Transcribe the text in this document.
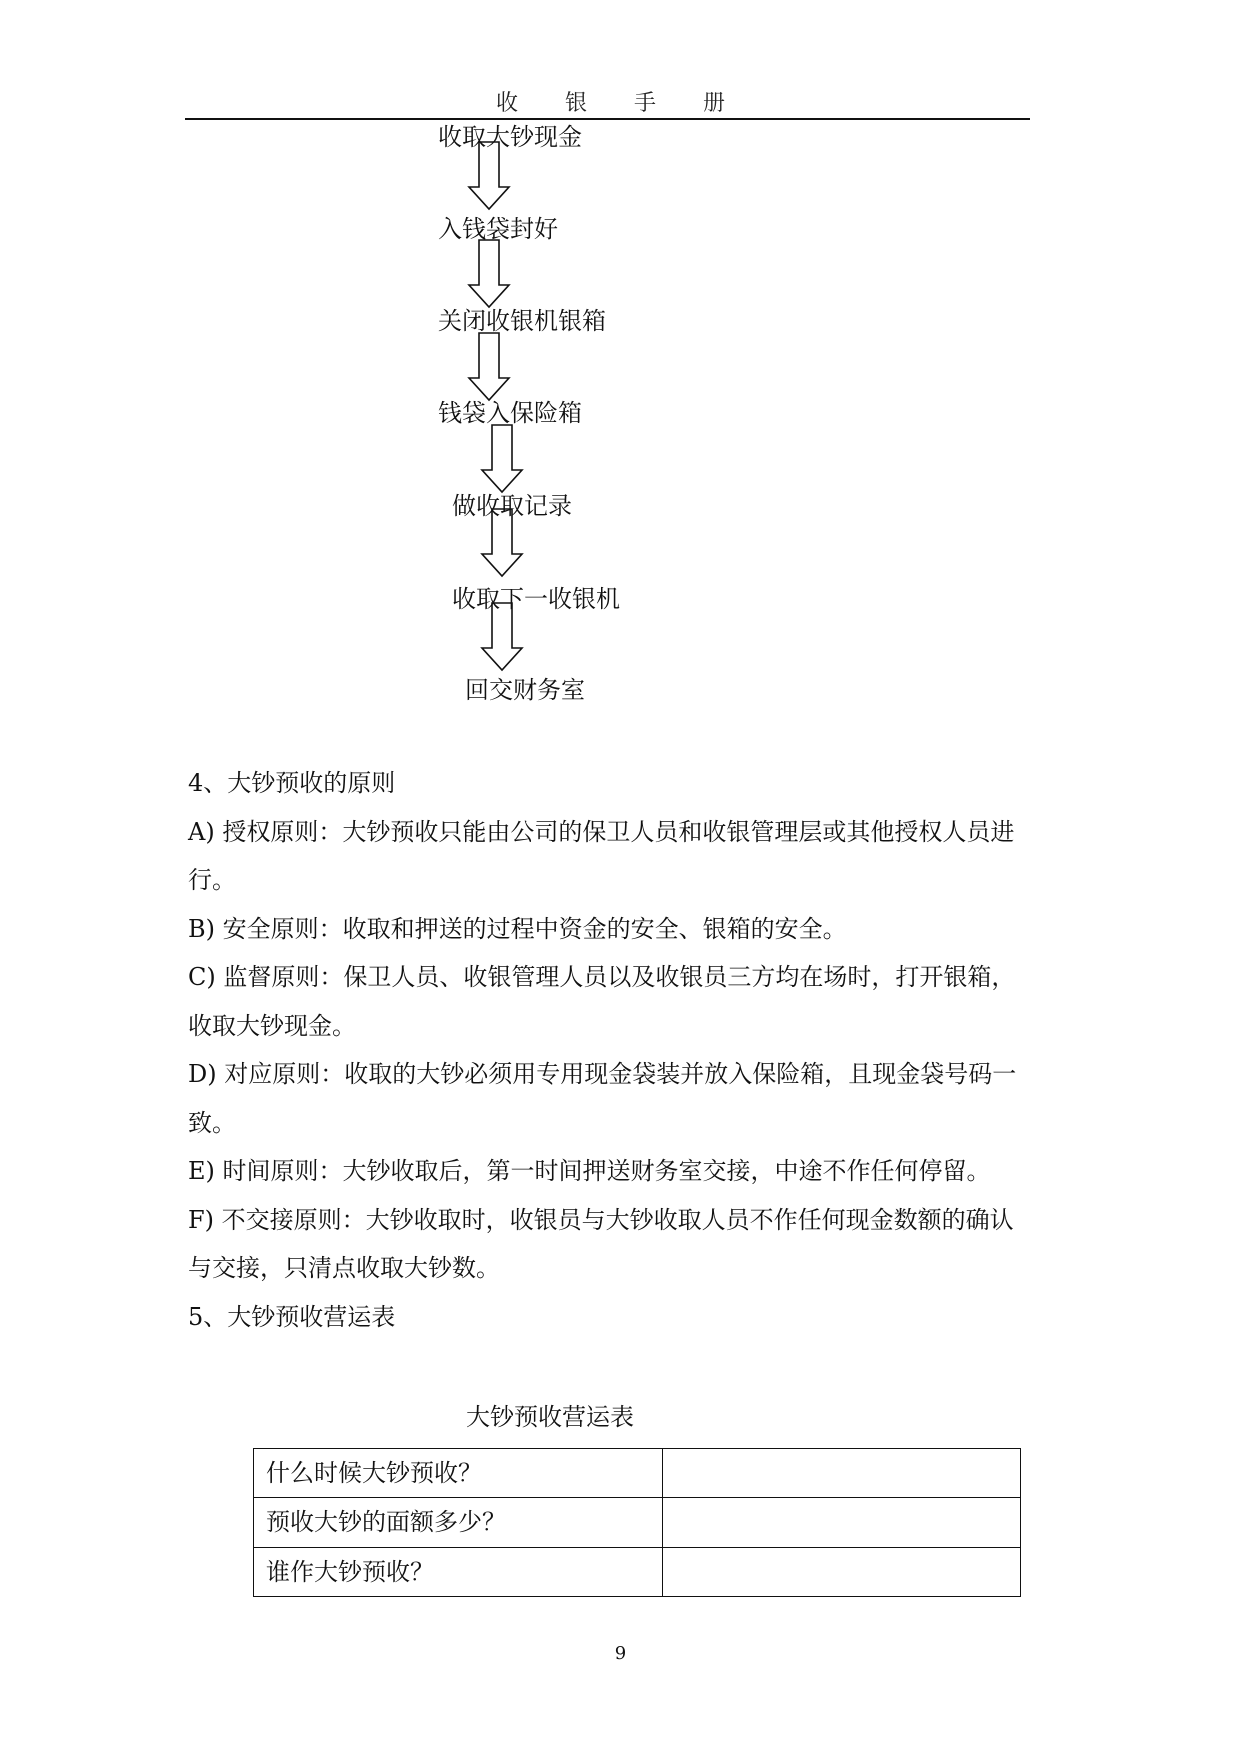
收 银 手 册
收取大钞现金
入钱袋封好
关闭收银机银箱
钱袋入保险箱
做收取记录
收取下一收银机
回交财务室
4、大钞预收的原则
A) 授权原则：大钞预收只能由公司的保卫人员和收银管理层或其他授权人员进
行。
B) 安全原则：收取和押送的过程中资金的安全、银箱的安全。
C) 监督原则：保卫人员、收银管理人员以及收银员三方均在场时，打开银箱，
收取大钞现金。
D) 对应原则：收取的大钞必须用专用现金袋装并放入保险箱，且现金袋号码一
致。
E) 时间原则：大钞收取后，第一时间押送财务室交接，中途不作任何停留。
F) 不交接原则：大钞收取时，收银员与大钞收取人员不作任何现金数额的确认
与交接，只清点收取大钞数。
5、大钞预收营运表
大钞预收营运表
什么时候大钞预收？	
预收大钞的面额多少？	
谁作大钞预收？	
9
